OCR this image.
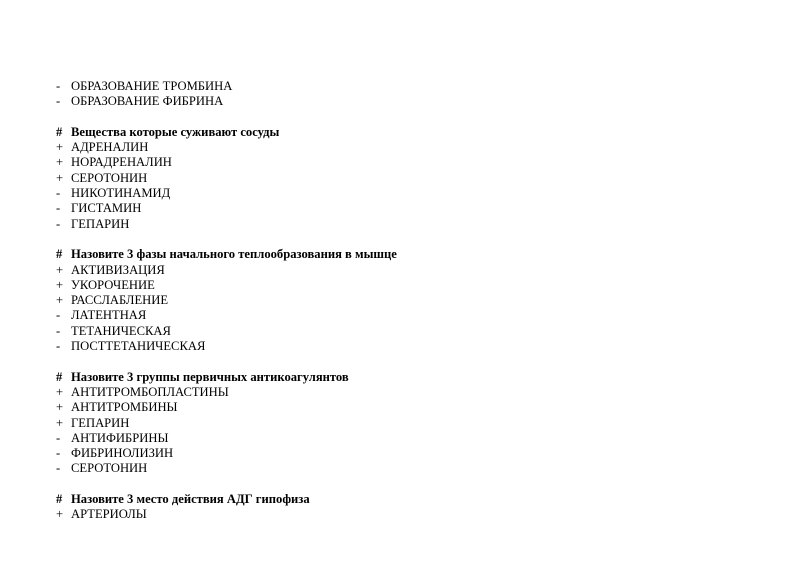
- ОБРАЗОВАНИЕ ТРОМБИНА
- ОБРАЗОВАНИЕ ФИБРИНА
# Вещества которые суживают сосуды
+ АДРЕНАЛИН
+ НОРАДРЕНАЛИН
+ СЕРОТОНИН
- НИКОТИНАМИД
- ГИСТАМИН
- ГЕПАРИН
# Назовите 3 фазы начального теплообразования в мышце
+ АКТИВИЗАЦИЯ
+ УКОРОЧЕНИЕ
+ РАССЛАБЛЕНИЕ
- ЛАТЕНТНАЯ
- ТЕТАНИЧЕСКАЯ
- ПОСТТЕТАНИЧЕСКАЯ
# Назовите 3 группы первичных антикоагулянтов
+ АНТИТРОМБОПЛАСТИНЫ
+ АНТИТРОМБИНЫ
+ ГЕПАРИН
- АНТИФИБРИНЫ
- ФИБРИНОЛИЗИН
- СЕРОТОНИН
# Назовите 3 место действия АДГ гипофиза
+ АРТЕРИОЛЫ
